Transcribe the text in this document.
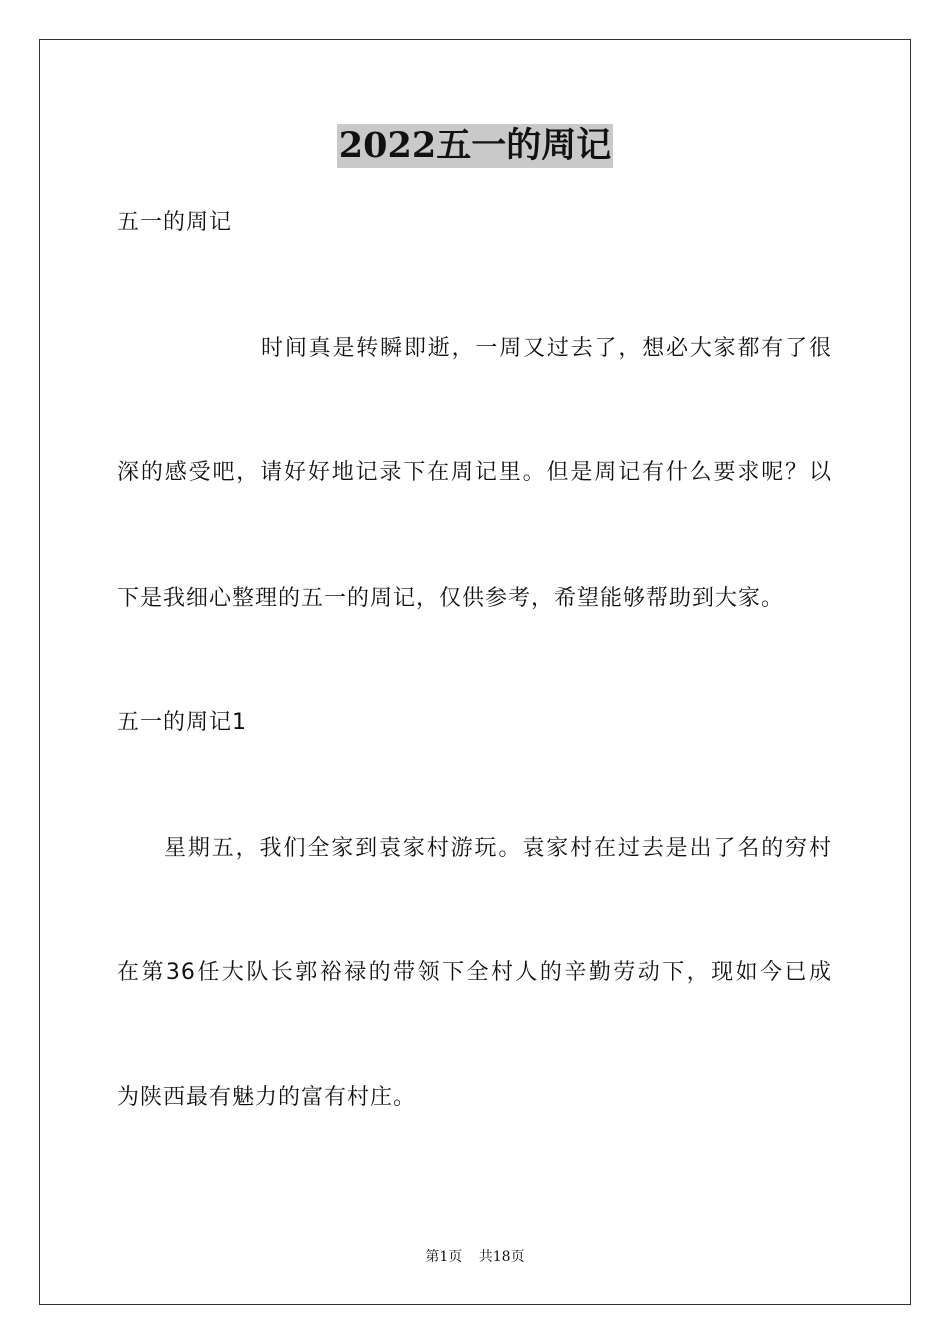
2022五一的周记
五一的周记
时间真是转瞬即逝，一周又过去了，想必大家都有了很
深的感受吧，请好好地记录下在周记里。但是周记有什么要求呢？以
下是我细心整理的五一的周记，仅供参考，希望能够帮助到大家。
五一的周记1
星期五，我们全家到袁家村游玩。袁家村在过去是出了名的穷村
在第36任大队长郭裕禄的带领下全村人的辛勤劳动下，现如今已成
为陕西最有魅力的富有村庄。
第1页 共18页
